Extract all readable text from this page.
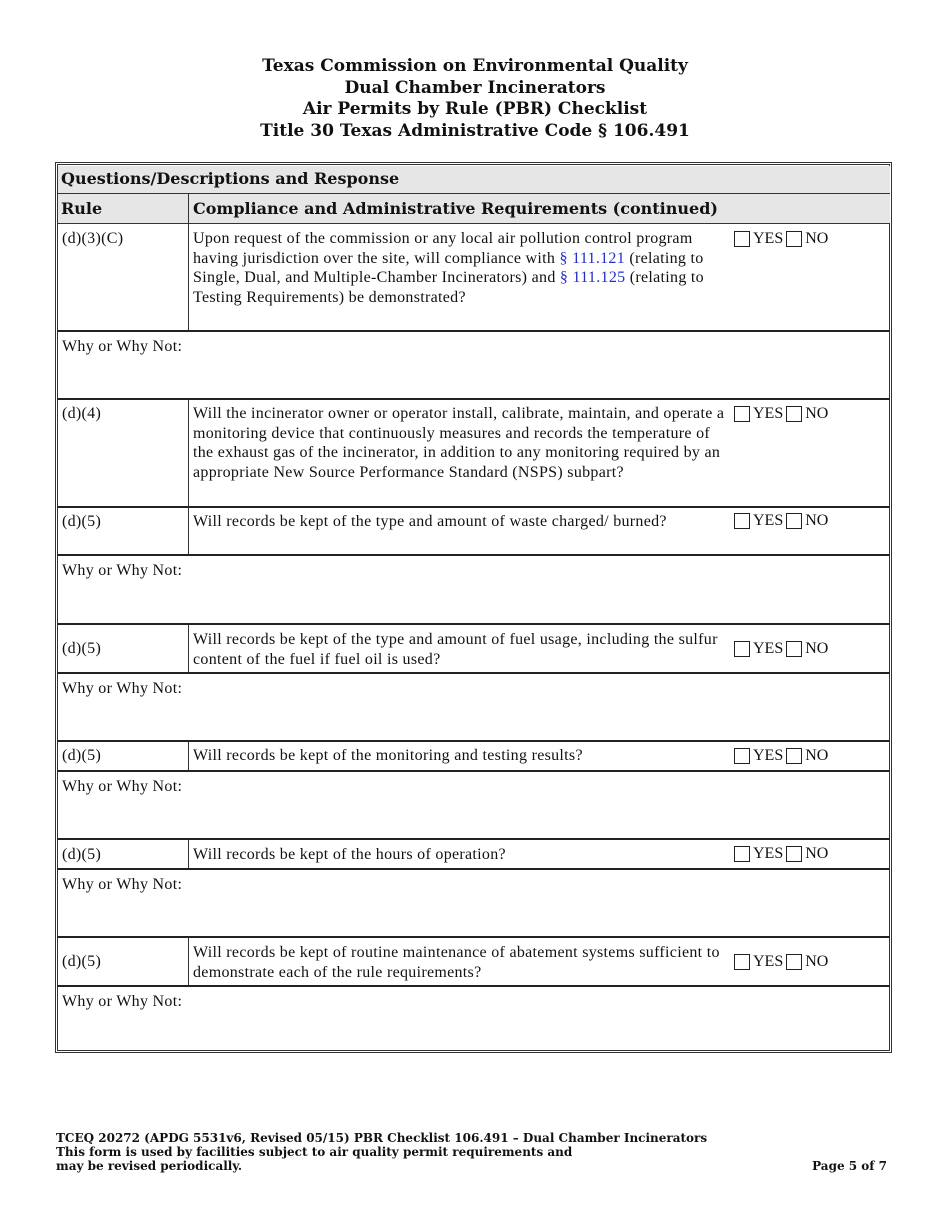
Texas Commission on Environmental Quality
Dual Chamber Incinerators
Air Permits by Rule (PBR) Checklist
Title 30 Texas Administrative Code § 106.491
Questions/Descriptions and Response
Rule	Compliance and Administrative Requirements (continued)
(d)(3)(C)	Upon request of the commission or any local air pollution control program having jurisdiction over the site, will compliance with § 111.121 (relating to Single, Dual, and Multiple-Chamber Incinerators) and § 111.125 (relating to Testing Requirements) be demonstrated?
YES NO
Why or Why Not:
(d)(4)	Will the incinerator owner or operator install, calibrate, maintain, and operate a monitoring device that continuously measures and records the temperature of the exhaust gas of the incinerator, in addition to any monitoring required by an appropriate New Source Performance Standard (NSPS) subpart?
YES NO
(d)(5)	Will records be kept of the type and amount of waste charged/ burned?	YES NO
Why or Why Not:
(d)(5)
Will records be kept of the type and amount of fuel usage, including the sulfur content of the fuel if fuel oil is used?
YES NO
Why or Why Not:
(d)(5)	Will records be kept of the monitoring and testing results?	YES NO
Why or Why Not:
(d)(5)	Will records be kept of the hours of operation?	YES NO
Why or Why Not:
(d)(5)
Will records be kept of routine maintenance of abatement systems sufficient to demonstrate each of the rule requirements?
YES NO
Why or Why Not:
TCEQ 20272 (APDG 5531v6, Revised 05/15) PBR Checklist 106.491 – Dual Chamber Incinerators
This form is used by facilities subject to air quality permit requirements and
may be revised periodically.	Page 5 of 7
